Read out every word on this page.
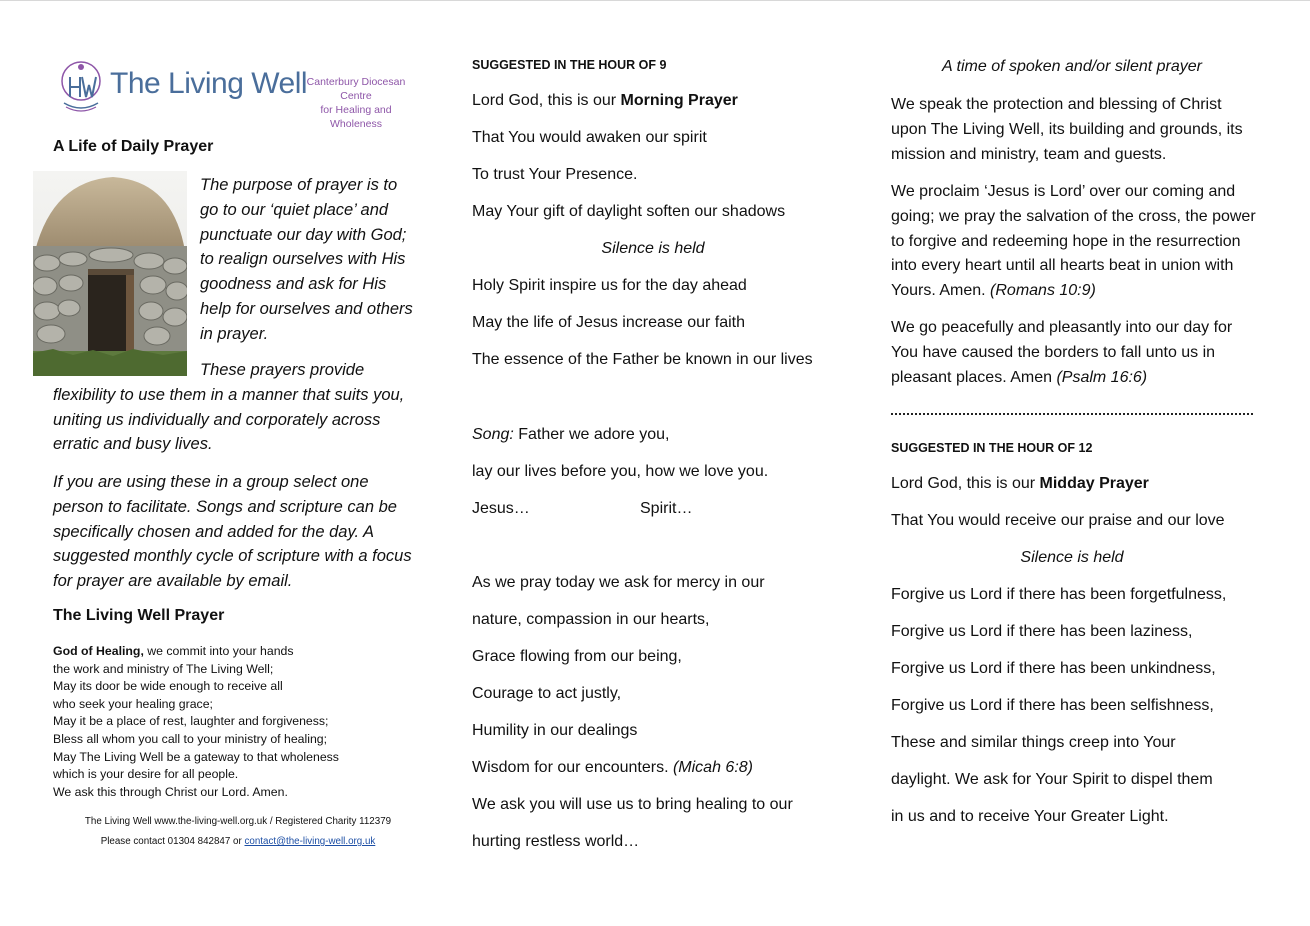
The Living Well Canterbury Diocesan Centre
for Healing and Wholeness
A Life of Daily Prayer
The purpose of prayer is to go to our ‘quiet place’ and punctuate our day with God; to realign ourselves with His goodness and ask for His help for ourselves and others in prayer.
These prayers provide flexibility to use them in a manner that suits you, uniting us individually and corporately across erratic and busy lives.
If you are using these in a group select one person to facilitate. Songs and scripture can be specifically chosen and added for the day. A suggested monthly cycle of scripture with a focus for prayer are available by email.
The Living Well Prayer
God of Healing, we commit into your hands
the work and ministry of The Living Well;
May its door be wide enough to receive all
who seek your healing grace;
May it be a place of rest, laughter and forgiveness;
Bless all whom you call to your ministry of healing;
May The Living Well be a gateway to that wholeness
which is your desire for all people.
We ask this through Christ our Lord. Amen.
The Living Well www.the-living-well.org.uk / Registered Charity 112379
Please contact 01304 842847 or contact@the-living-well.org.uk
SUGGESTED IN THE HOUR OF 9
Lord God, this is our Morning Prayer
That You would awaken our spirit
To trust Your Presence.
May Your gift of daylight soften our shadows
Silence is held
Holy Spirit inspire us for the day ahead
May the life of Jesus increase our faith
The essence of the Father be known in our lives
Song: Father we adore you,
lay our lives before you, how we love you.
Jesus…	Spirit…
As we pray today we ask for mercy in our
nature, compassion in our hearts,
Grace flowing from our being,
Courage to act justly,
Humility in our dealings
Wisdom for our encounters. (Micah 6:8)
We ask you will use us to bring healing to our
hurting restless world…
A time of spoken and/or silent prayer
We speak the protection and blessing of Christ upon The Living Well, its building and grounds, its mission and ministry, team and guests.
We proclaim ‘Jesus is Lord’ over our coming and going; we pray the salvation of the cross, the power to forgive and redeeming hope in the resurrection into every heart until all hearts beat in union with Yours. Amen. (Romans 10:9)
We go peacefully and pleasantly into our day for You have caused the borders to fall unto us in pleasant places. Amen (Psalm 16:6)
SUGGESTED IN THE HOUR OF 12
Lord God, this is our Midday Prayer
That You would receive our praise and our love
Silence is held
Forgive us Lord if there has been forgetfulness,
Forgive us Lord if there has been laziness,
Forgive us Lord if there has been unkindness,
Forgive us Lord if there has been selfishness,
These and similar things creep into Your
daylight. We ask for Your Spirit to dispel them
in us and to receive Your Greater Light.
